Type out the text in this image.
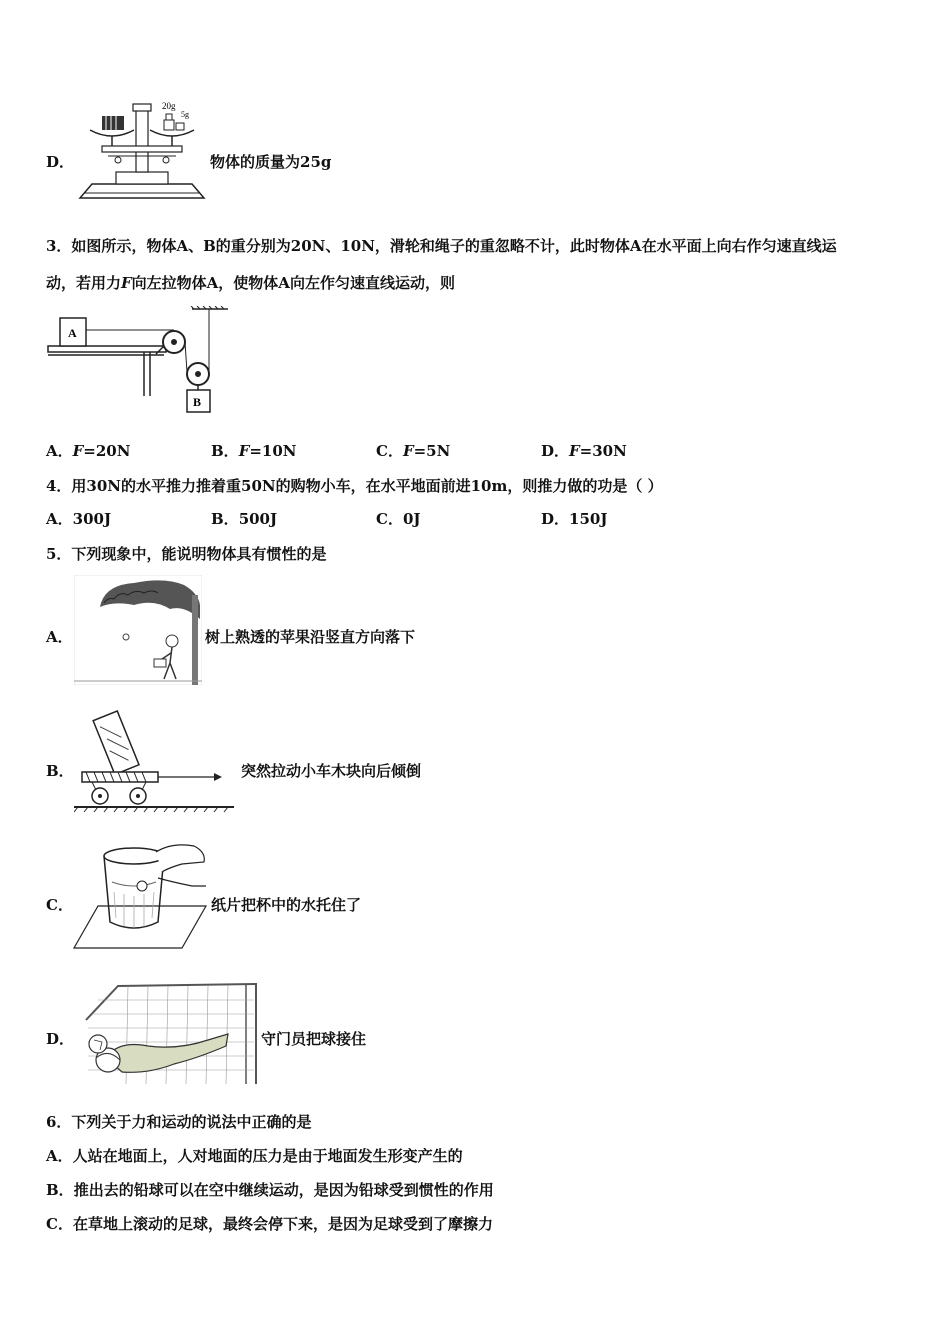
D．
20g
5g
物体的质量为25g
3．如图所示，物体A、B的重分别为20N、10N，滑轮和绳子的重忽略不计，此时物体A在水平面上向右作匀速直线运
动，若用力F向左拉物体A，使物体A向左作匀速直线运动，则
A
B
A．F=20N	B．F=10N	C．F=5N	D．F=30N
4．用30N的水平推力推着重50N的购物小车，在水平地面前进10m，则推力做的功是（ ）
A．300J	B．500J	C．0J	D．150J
5．下列现象中，能说明物体具有惯性的是
A．	树上熟透的苹果沿竖直方向落下
B．	突然拉动小车木块向后倾倒
C．	纸片把杯中的水托住了
D．	守门员把球接住
6．下列关于力和运动的说法中正确的是
A．人站在地面上，人对地面的压力是由于地面发生形变产生的
B．推出去的铅球可以在空中继续运动，是因为铅球受到惯性的作用
C．在草地上滚动的足球，最终会停下来，是因为足球受到了摩擦力
